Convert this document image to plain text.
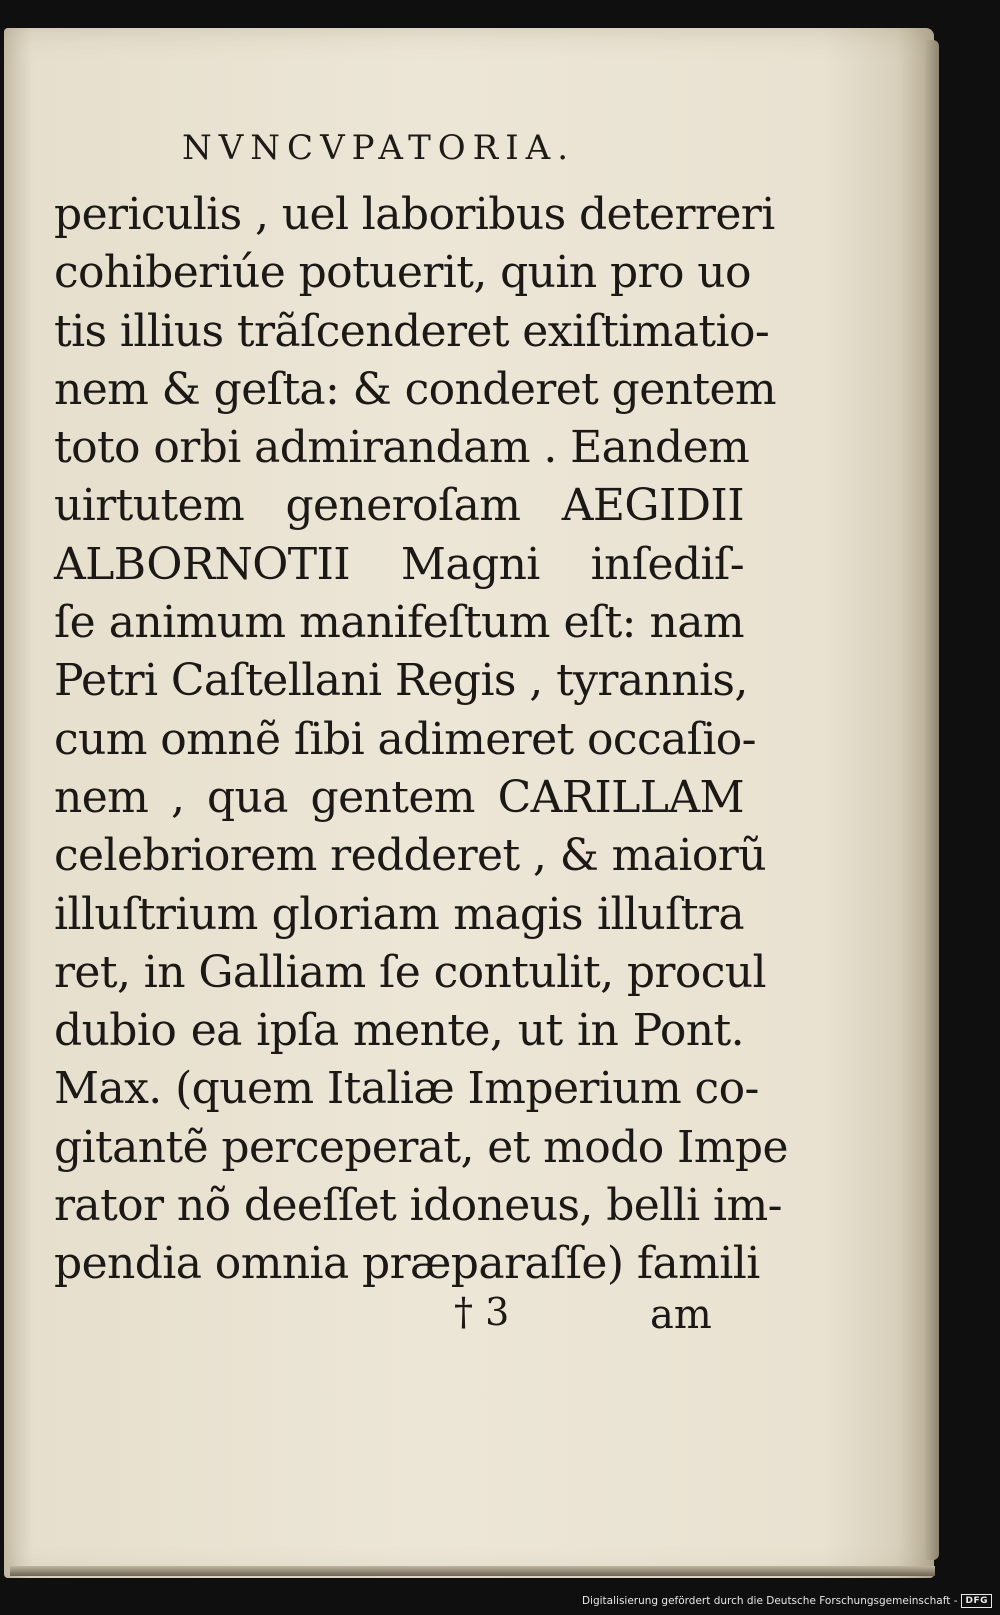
NVNCVPATORIA.
periculis , uel laboribus deterreri
cohiberiúe potuerit, quin pro uo
tis illius trãſcenderet exiſtimatio-
nem & geſta: & conderet gentem
toto orbi admirandam . Eandem
uirtutem generoſam AEGIDII
ALBORNOTII Magni inſediſ-
ſe animum manifeſtum eſt: nam
Petri Caſtellani Regis , tyrannis,
cum omnẽ ſibi adimeret occaſio-
nem , qua gentem CARILLAM
celebriorem redderet , & maiorũ
illuſtrium gloriam magis illuſtra
ret, in Galliam ſe contulit, procul
dubio ea ipſa mente, ut in Pont.
Max. (quem Italiæ Imperium co-
gitantẽ perceperat, et modo Impe
rator nõ deeſſet idoneus, belli im-
pendia omnia præparaſſe) famili
† 3	am
Digitalisierung gefördert durch die Deutsche Forschungsgemeinschaft - DFG
